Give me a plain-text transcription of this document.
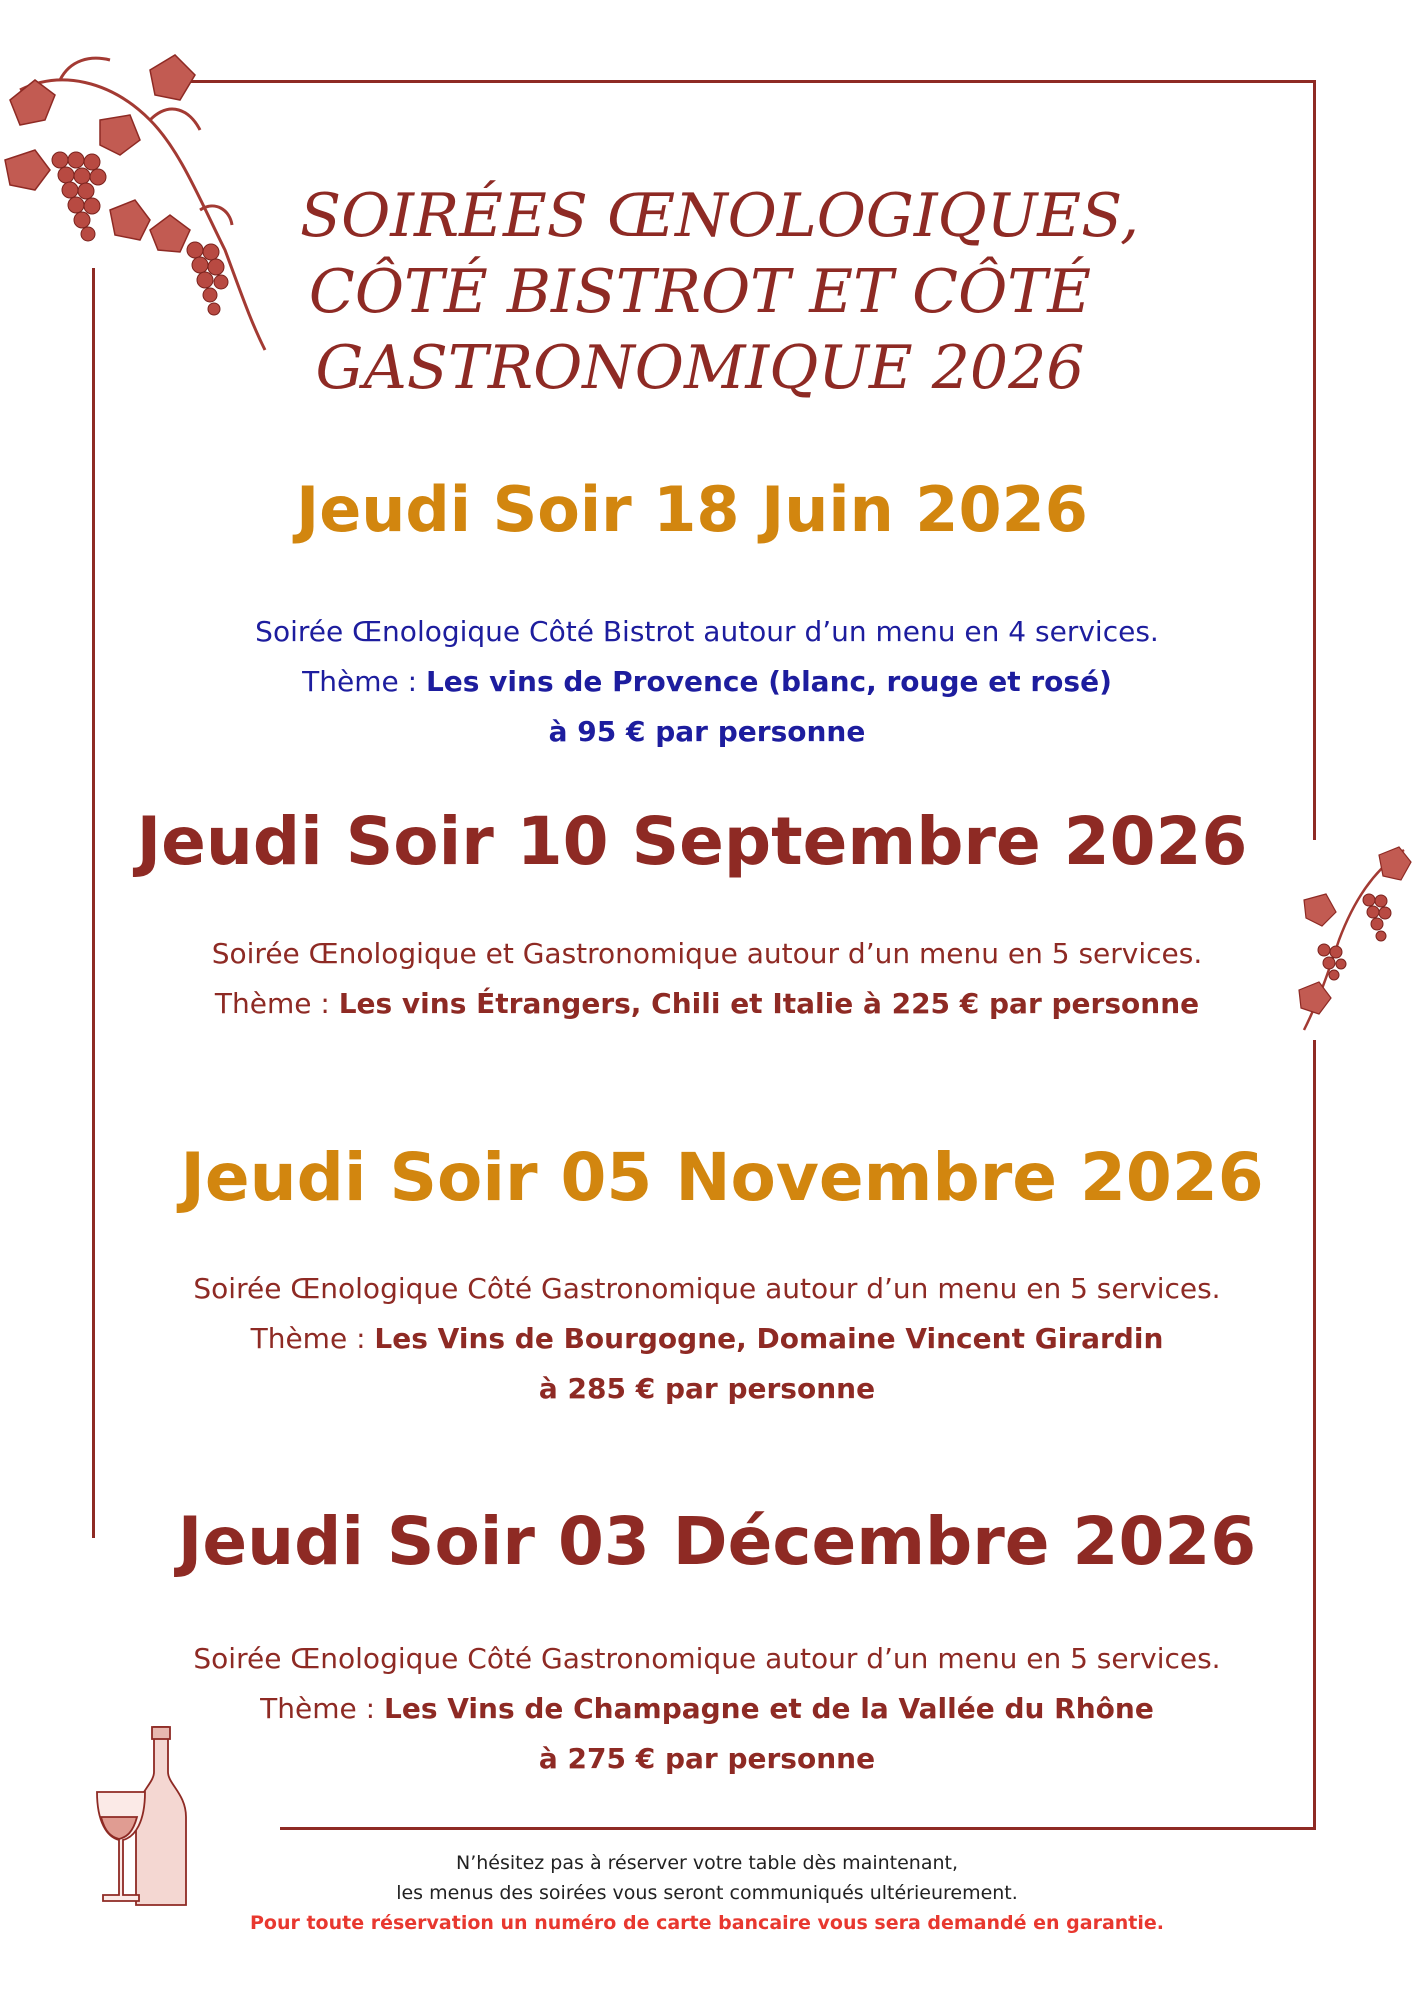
SOIRÉES ŒNOLOGIQUES,
CÔTÉ BISTROT ET CÔTÉ
GASTRONOMIQUE 2026
Jeudi Soir 18 Juin 2026
Soirée Œnologique Côté Bistrot autour d’un menu en 4 services.
Thème : Les vins de Provence (blanc, rouge et rosé)
à 95 € par personne
Jeudi Soir 10 Septembre 2026
Soirée Œnologique et Gastronomique autour d’un menu en 5 services.
Thème : Les vins Étrangers, Chili et Italie à 225 € par personne
Jeudi Soir 05 Novembre 2026
Soirée Œnologique Côté Gastronomique autour d’un menu en 5 services.
Thème : Les Vins de Bourgogne, Domaine Vincent Girardin
à 285 € par personne
Jeudi Soir 03 Décembre 2026
Soirée Œnologique Côté Gastronomique autour d’un menu en 5 services.
Thème : Les Vins de Champagne et de la Vallée du Rhône
à 275 € par personne
N’hésitez pas à réserver votre table dès maintenant,
les menus des soirées vous seront communiqués ultérieurement.
Pour toute réservation un numéro de carte bancaire vous sera demandé en garantie.
